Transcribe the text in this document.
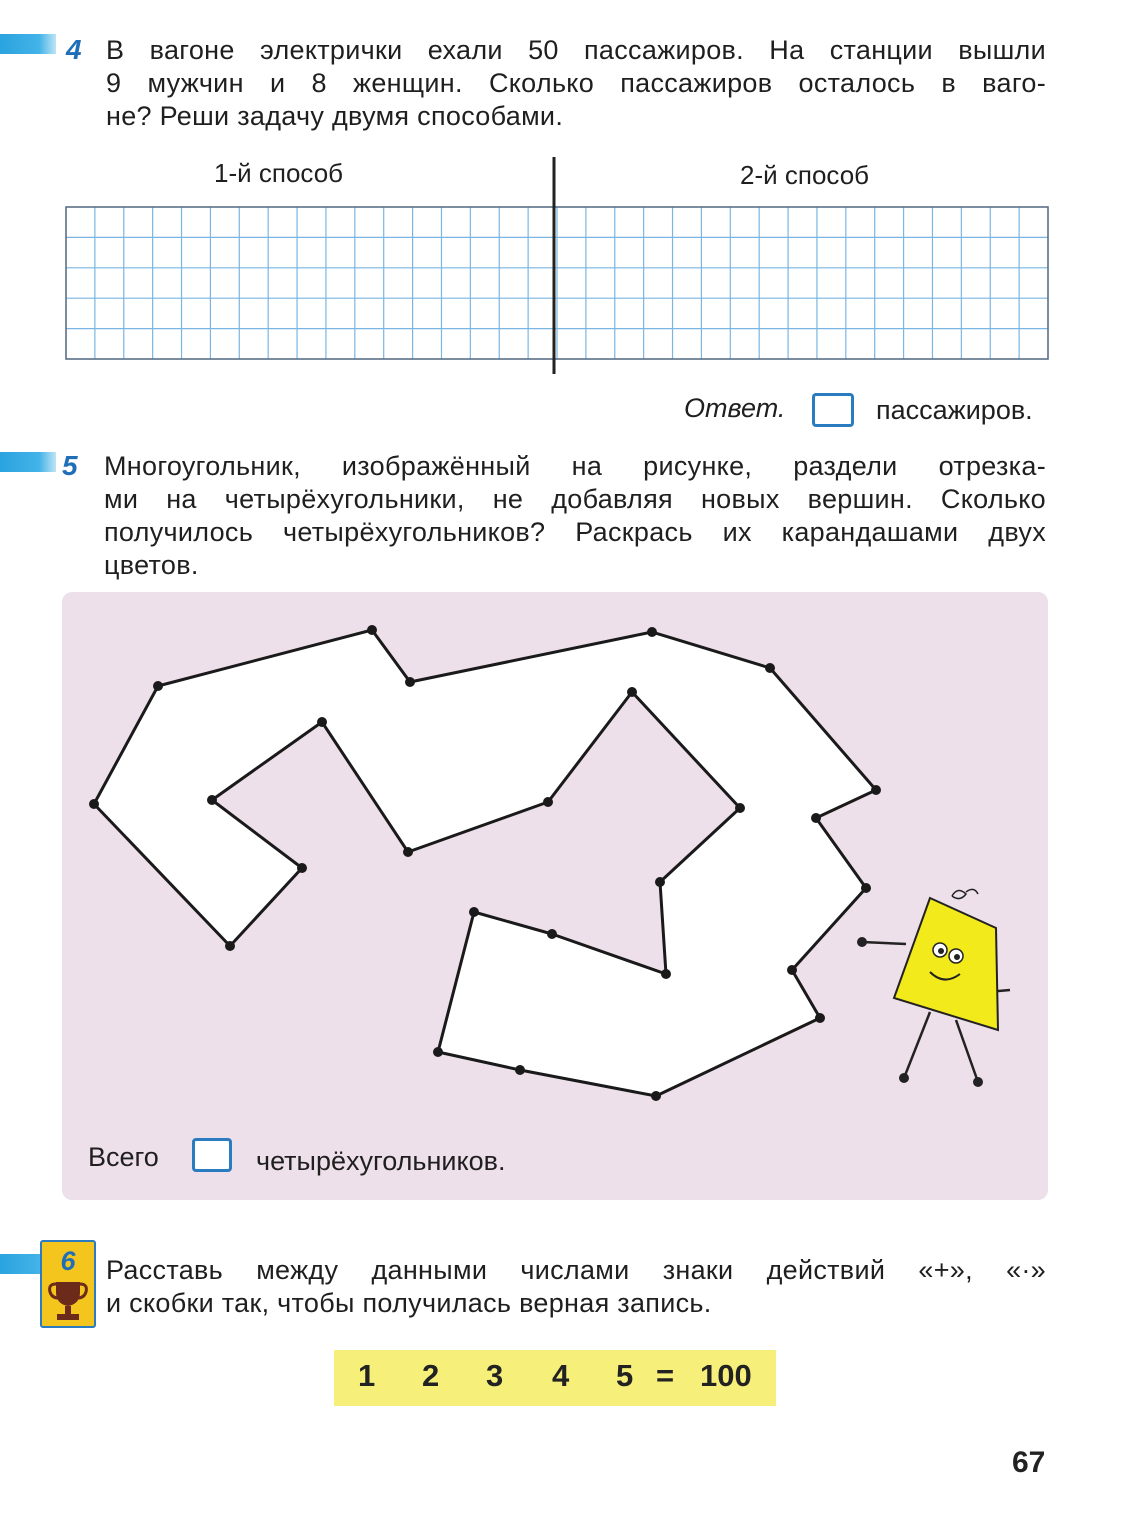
4 В вагоне электрички ехали 50 пассажиров. На станции вышли
9 мужчин и 8 женщин. Сколько пассажиров осталось в ваго-
не? Реши задачу двумя способами.
1-й способ	2-й способ
Ответ.	пассажиров.
5 Многоугольник, изображённый на рисунке, раздели отрезка-
ми на четырёхугольники, не добавляя новых вершин. Сколько
получилось четырёхугольников? Раскрась их карандашами двух
цветов.
Всего	четырёхугольников.
6	Расставь между данными числами знаки действий «+», «·»
и скобки так, чтобы получилась верная запись.
1 2 3 4 5 = 100
67
